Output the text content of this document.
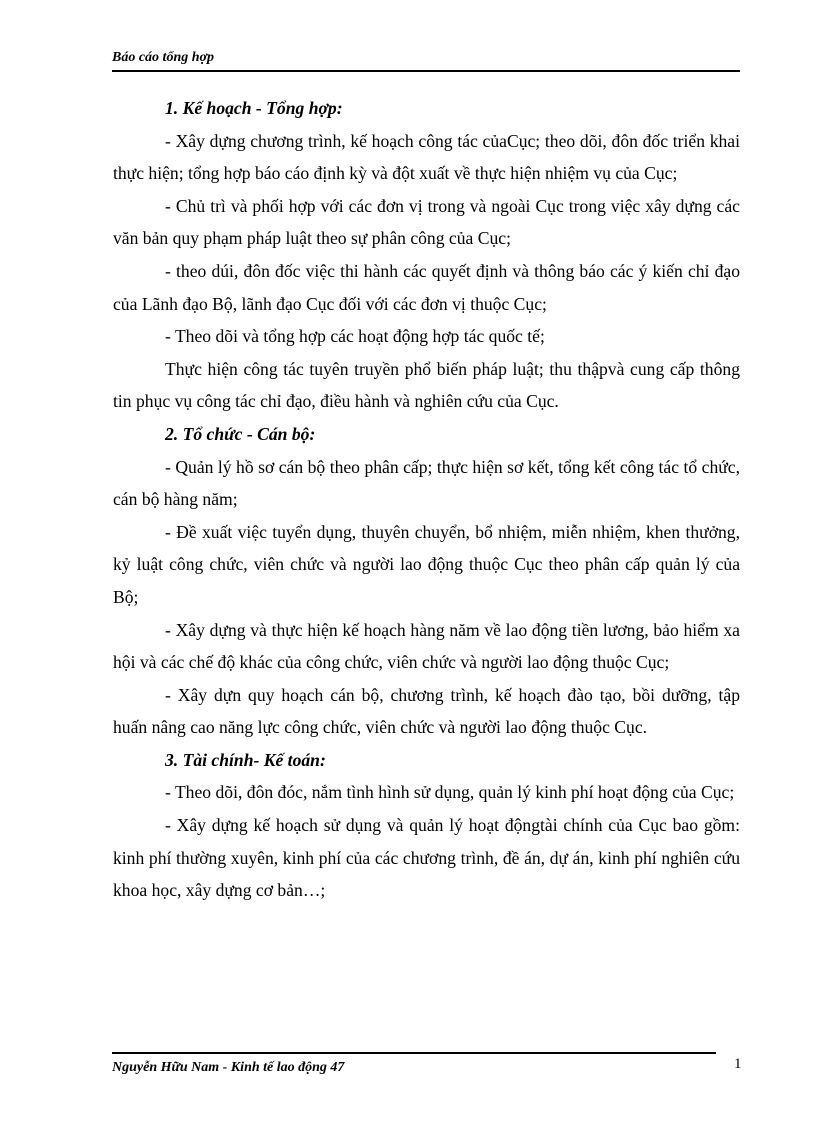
Báo cáo tổng hợp

1. Kế hoạch - Tổng hợp:

- Xây dựng chương trình, kế hoạch công tác củaCục; theo dõi, đôn đốc triển khai thực hiện; tổng hợp báo cáo định kỳ và đột xuất về thực hiện nhiệm vụ của Cục;

- Chủ trì và phối hợp với các đơn vị trong và ngoài Cục trong việc xây dựng các văn bản quy phạm pháp luật theo sự phân công của Cục;

- theo dúi, đôn đốc việc thi hành các quyết định và thông báo các ý kiến chỉ đạo của Lãnh đạo Bộ, lãnh đạo Cục đối với các đơn vị thuộc Cục;

- Theo dõi và tổng hợp các hoạt động hợp tác quốc tế;

Thực hiện công tác tuyên truyền phổ biến pháp luật; thu thậpvà cung cấp thông tin phục vụ công tác chỉ đạo, điều hành và nghiên cứu của Cục.

2. Tổ chức - Cán bộ:

- Quản lý hồ sơ cán bộ theo phân cấp; thực hiện sơ kết, tổng kết công tác tổ chức, cán bộ hàng năm;

- Đề xuất việc tuyển dụng, thuyên chuyển, bổ nhiệm, miễn nhiệm, khen thưởng, kỷ luật công chức, viên chức và người lao động thuộc Cục theo phân cấp quản lý của Bộ;

- Xây dựng và thực hiện kế hoạch hàng năm về lao động tiền lương, bảo hiểm xa hội và các chế độ khác của công chức, viên chức và người lao động thuộc Cục;

- Xây dựn quy hoạch cán bộ, chương trình, kế hoạch đào tạo, bồi dưỡng, tập huấn nâng cao năng lực công chức, viên chức và người lao động thuộc Cục.

3. Tài chính- Kế toán:

- Theo dõi, đôn đóc, nắm tình hình sử dụng, quản lý kinh phí hoạt động của Cục;

- Xây dựng kế hoạch sử dụng và quản lý hoạt độngtài chính của Cục bao gồm: kinh phí thường xuyên, kinh phí của các chương trình, đề án, dự án, kinh phí nghiên cứu khoa học, xây dựng cơ bản…;

Nguyễn Hữu Nam - Kinh tế lao động 47	1
